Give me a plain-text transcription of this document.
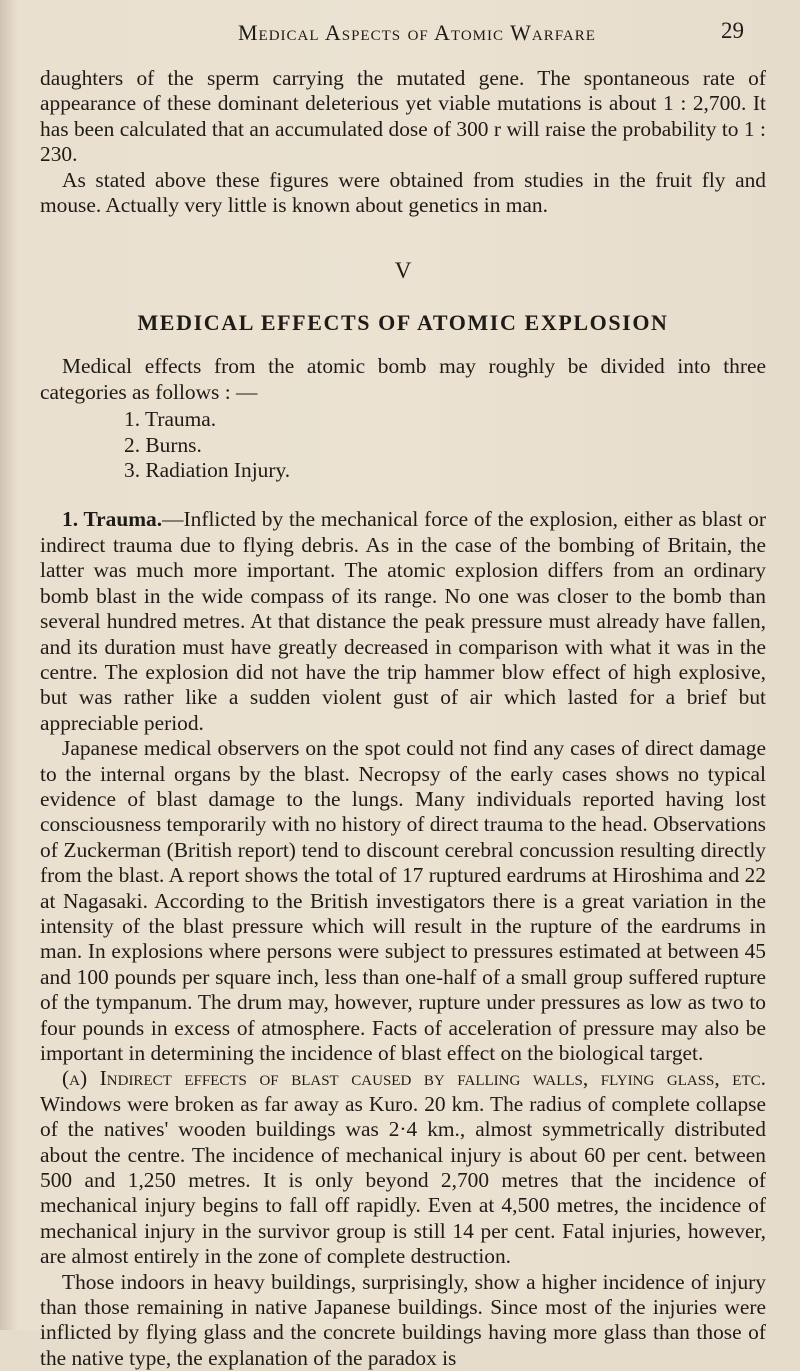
Medical Aspects of Atomic Warfare	29

daughters of the sperm carrying the mutated gene. The spontaneous rate of appearance of these dominant deleterious yet viable mutations is about 1 : 2,700. It has been calculated that an accumulated dose of 300 r will raise the probability to 1 : 230.

As stated above these figures were obtained from studies in the fruit fly and mouse. Actually very little is known about genetics in man.

V
MEDICAL EFFECTS OF ATOMIC EXPLOSION

Medical effects from the atomic bomb may roughly be divided into three categories as follows : —

1. Trauma.
2. Burns.
3. Radiation Injury.

1. Trauma.—Inflicted by the mechanical force of the explosion, either as blast or indirect trauma due to flying debris. As in the case of the bombing of Britain, the latter was much more important. The atomic explosion differs from an ordinary bomb blast in the wide compass of its range. No one was closer to the bomb than several hundred metres. At that distance the peak pressure must already have fallen, and its duration must have greatly decreased in comparison with what it was in the centre. The explosion did not have the trip hammer blow effect of high explosive, but was rather like a sudden violent gust of air which lasted for a brief but appreciable period.

Japanese medical observers on the spot could not find any cases of direct damage to the internal organs by the blast. Necropsy of the early cases shows no typical evidence of blast damage to the lungs. Many individuals reported having lost consciousness temporarily with no history of direct trauma to the head. Observations of Zuckerman (British report) tend to discount cerebral concussion resulting directly from the blast. A report shows the total of 17 ruptured eardrums at Hiroshima and 22 at Nagasaki. According to the British investigators there is a great variation in the intensity of the blast pressure which will result in the rupture of the eardrums in man. In explosions where persons were subject to pressures estimated at between 45 and 100 pounds per square inch, less than one-half of a small group suffered rupture of the tympanum. The drum may, however, rupture under pressures as low as two to four pounds in excess of atmosphere. Facts of acceleration of pressure may also be important in determining the incidence of blast effect on the biological target.

(a) Indirect effects of blast caused by falling walls, flying glass, etc. Windows were broken as far away as Kuro. 20 km. The radius of complete collapse of the natives' wooden buildings was 2·4 km., almost symmetrically distributed about the centre. The incidence of mechanical injury is about 60 per cent. between 500 and 1,250 metres. It is only beyond 2,700 metres that the incidence of mechanical injury begins to fall off rapidly. Even at 4,500 metres, the incidence of mechanical injury in the survivor group is still 14 per cent. Fatal injuries, however, are almost entirely in the zone of complete destruction.

Those indoors in heavy buildings, surprisingly, show a higher incidence of injury than those remaining in native Japanese buildings. Since most of the injuries were inflicted by flying glass and the concrete buildings having more glass than those of the native type, the explanation of the paradox is
